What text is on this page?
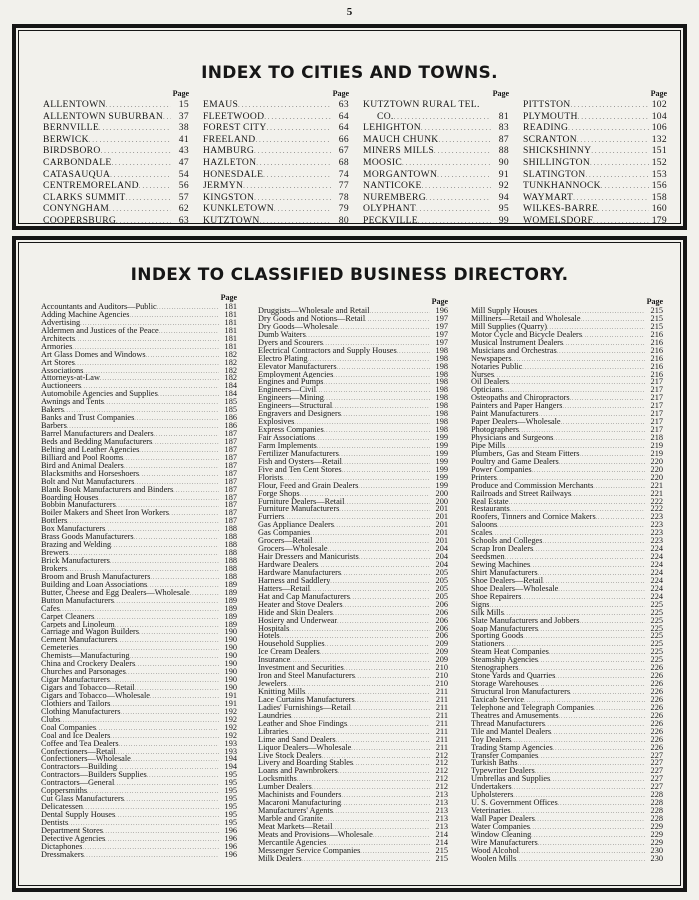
5
INDEX TO CITIES AND TOWNS.
Page
ALLENTOWN . . .	15
ALLENTOWN SUBURBAN . . .	37
BERNVILLE . . .	38
BERWICK . . .	41
BIRDSBORO . . .	43
CARBONDALE . . .	47
CATASAUQUA . . .	54
CENTREMORELAND . . .	56
CLARKS SUMMIT . . .	57
CONYNGHAM . . .	62
COOPERSBURG . . .	63
Page
EMAUS . . .	63
FLEETWOOD . . .	64
FOREST CITY . . .	64
FREELAND . . .	66
HAMBURG . . .	67
HAZLETON . . .	68
HONESDALE . . .	74
JERMYN . . .	77
KINGSTON . . .	78
KUNKLETOWN . . .	79
KUTZTOWN . . .	80
Page
KUTZTOWN RURAL TEL.
CO. . . .	81
LEHIGHTON . . .	83
MAUCH CHUNK . . .	87
MINERS MILLS . . .	88
MOOSIC . . .	90
MORGANTOWN . . .	91
NANTICOKE . . .	92
NUREMBERG . . .	94
OLYPHANT . . .	95
PECKVILLE . . .	99
Page
PITTSTON . . .	102
PLYMOUTH . . .	104
READING . . .	106
SCRANTON . . .	132
SHICKSHINNY . . .	151
SHILLINGTON . . .	152
SLATINGTON . . .	153
TUNKHANNOCK . . .	156
WAYMART . . .	158
WILKES-BARRE . . .	160
WOMELSDORF . . .	179
INDEX TO CLASSIFIED BUSINESS DIRECTORY.
Page
Accountants and Auditors—Public . . .	181
Adding Machine Agencies . . .	181
Advertising . . .	181
Aldermen and Justices of the Peace . . .	181
Architects . . .	181
Armories . . .	181
Art Glass Domes and Windows . . .	182
Art Stores . . .	182
Associations . . .	182
Attorneys-at-Law . . .	182
Auctioneers . . .	184
Automobile Agencies and Supplies . . .	184
Awnings and Tents . . .	185
Bakers . . .	185
Banks and Trust Companies . . .	186
Barbers . . .	186
Barrel Manufacturers and Dealers . . .	187
Beds and Bedding Manufacturers . . .	187
Belting and Leather Agencies . . .	187
Billiard and Pool Rooms . . .	187
Bird and Animal Dealers . . .	187
Blacksmiths and Horseshoers . . .	187
Bolt and Nut Manufacturers . . .	187
Blank Book Manufacturers and Binders . . .	187
Boarding Houses . . .	187
Bobbin Manufacturers . . .	187
Boiler Makers and Sheet Iron Workers . . .	187
Bottlers . . .	187
Box Manufacturers . . .	188
Brass Goods Manufacturers . . .	188
Brazing and Welding . . .	188
Brewers . . .	188
Brick Manufacturers . . .	188
Brokers . . .	188
Broom and Brush Manufacturers . . .	188
Building and Loan Associations . . .	189
Butter, Cheese and Egg Dealers—Wholesale . . .	189
Button Manufacturers . . .	189
Cafes . . .	189
Carpet Cleaners . . .	189
Carpets and Linoleum . . .	189
Carriage and Wagon Builders . . .	190
Cement Manufacturers . . .	190
Cemeteries . . .	190
Chemists—Manufacturing . . .	190
China and Crockery Dealers . . .	190
Churches and Parsonages . . .	190
Cigar Manufacturers . . .	190
Cigars and Tobacco—Retail . . .	190
Cigars and Tobacco—Wholesale . . .	191
Clothiers and Tailors . . .	191
Clothing Manufacturers . . .	192
Clubs . . .	192
Coal Companies . . .	192
Coal and Ice Dealers . . .	192
Coffee and Tea Dealers . . .	193
Confectioners—Retail . . .	193
Confectioners—Wholesale . . .	194
Contractors—Building . . .	194
Contractors—Builders Supplies . . .	195
Contractors—General . . .	195
Coppersmiths . . .	195
Cut Glass Manufacturers . . .	195
Delicatessen . . .	195
Dental Supply Houses . . .	195
Dentists . . .	195
Department Stores . . .	196
Detective Agencies . . .	196
Dictaphones . . .	196
Dressmakers . . .	196
Page
Druggists—Wholesale and Retail . . .	196
Dry Goods and Notions—Retail . . .	197
Dry Goods—Wholesale . . .	197
Dumb Waiters . . .	197
Dyers and Scourers . . .	197
Electrical Contractors and Supply Houses . . .	198
Electro Plating . . .	198
Elevator Manufacturers . . .	198
Employment Agencies . . .	198
Engines and Pumps . . .	198
Engineers—Civil . . .	198
Engineers—Mining . . .	198
Engineers—Structural . . .	198
Engravers and Designers . . .	198
Explosives . . .	198
Express Companies . . .	198
Fair Associations . . .	199
Farm Implements . . .	199
Fertilizer Manufacturers . . .	199
Fish and Oysters—Retail . . .	199
Five and Ten Cent Stores . . .	199
Florists . . .	199
Flour, Feed and Grain Dealers . . .	199
Forge Shops . . .	200
Furniture Dealers—Retail . . .	200
Furniture Manufacturers . . .	201
Furriers . . .	201
Gas Appliance Dealers . . .	201
Gas Companies . . .	201
Grocers—Retail . . .	201
Grocers—Wholesale . . .	204
Hair Dressers and Manicurists . . .	204
Hardware Dealers . . .	204
Hardware Manufacturers . . .	205
Harness and Saddlery . . .	205
Hatters—Retail . . .	205
Hat and Cap Manufacturers . . .	205
Heater and Stove Dealers . . .	206
Hide and Skin Dealers . . .	206
Hosiery and Underwear . . .	206
Hospitals . . .	206
Hotels . . .	206
Household Supplies . . .	209
Ice Cream Dealers . . .	209
Insurance . . .	209
Investment and Securities . . .	210
Iron and Steel Manufacturers . . .	210
Jewelers . . .	210
Knitting Mills . . .	211
Lace Curtains Manufacturers . . .	211
Ladies' Furnishings—Retail . . .	211
Laundries . . .	211
Leather and Shoe Findings . . .	211
Libraries . . .	211
Lime and Sand Dealers . . .	211
Liquor Dealers—Wholesale . . .	211
Live Stock Dealers . . .	212
Livery and Boarding Stables . . .	212
Loans and Pawnbrokers . . .	212
Locksmiths . . .	212
Lumber Dealers . . .	212
Machinists and Founders . . .	213
Macaroni Manufacturing . . .	213
Manufacturers' Agents . . .	213
Marble and Granite . . .	213
Meat Markets—Retail . . .	213
Meats and Provisions—Wholesale . . .	214
Mercantile Agencies . . .	214
Messenger Service Companies . . .	215
Milk Dealers . . .	215
Page
Mill Supply Houses . . .	215
Milliners—Retail and Wholesale . . .	215
Mill Supplies (Quarry) . . .	215
Motor Cycle and Bicycle Dealers . . .	216
Musical Instrument Dealers . . .	216
Musicians and Orchestras . . .	216
Newspapers . . .	216
Notaries Public . . .	216
Nurses . . .	216
Oil Dealers . . .	217
Opticians . . .	217
Osteopaths and Chiropractors . . .	217
Painters and Paper Hangers . . .	217
Paint Manufacturers . . .	217
Paper Dealers—Wholesale . . .	217
Photographers . . .	217
Physicians and Surgeons . . .	218
Pipe Mills . . .	219
Plumbers, Gas and Steam Fitters . . .	219
Poultry and Game Dealers . . .	220
Power Companies . . .	220
Printers . . .	220
Produce and Commission Merchants . . .	221
Railroads and Street Railways . . .	221
Real Estate . . .	222
Restaurants . . .	222
Roofers, Tinners and Cornice Makers . . .	223
Saloons . . .	223
Scales . . .	223
Schools and Colleges . . .	223
Scrap Iron Dealers . . .	224
Seedsmen . . .	224
Sewing Machines . . .	224
Shirt Manufacturers . . .	224
Shoe Dealers—Retail . . .	224
Shoe Dealers—Wholesale . . .	224
Shoe Repairers . . .	224
Signs . . .	225
Silk Mills . . .	225
Slate Manufacturers and Jobbers . . .	225
Soap Manufacturers . . .	225
Sporting Goods . . .	225
Stationers . . .	225
Steam Heat Companies . . .	225
Steamship Agencies . . .	225
Stenographers . . .	226
Stone Yards and Quarries . . .	226
Storage Warehouses . . .	226
Structural Iron Manufacturers . . .	226
Taxicab Service . . .	226
Telephone and Telegraph Companies . . .	226
Theatres and Amusements . . .	226
Thread Manufacturers . . .	226
Tile and Mantel Dealers . . .	226
Toy Dealers . . .	226
Trading Stamp Agencies . . .	226
Transfer Companies . . .	227
Turkish Baths . . .	227
Typewriter Dealers . . .	227
Umbrellas and Supplies . . .	227
Undertakers . . .	227
Upholsterers . . .	228
U. S. Government Offices . . .	228
Veterinaries . . .	228
Wall Paper Dealers . . .	228
Water Companies . . .	229
Window Cleaning . . .	229
Wire Manufacturers . . .	229
Wood Alcohol . . .	230
Woolen Mills . . .	230
